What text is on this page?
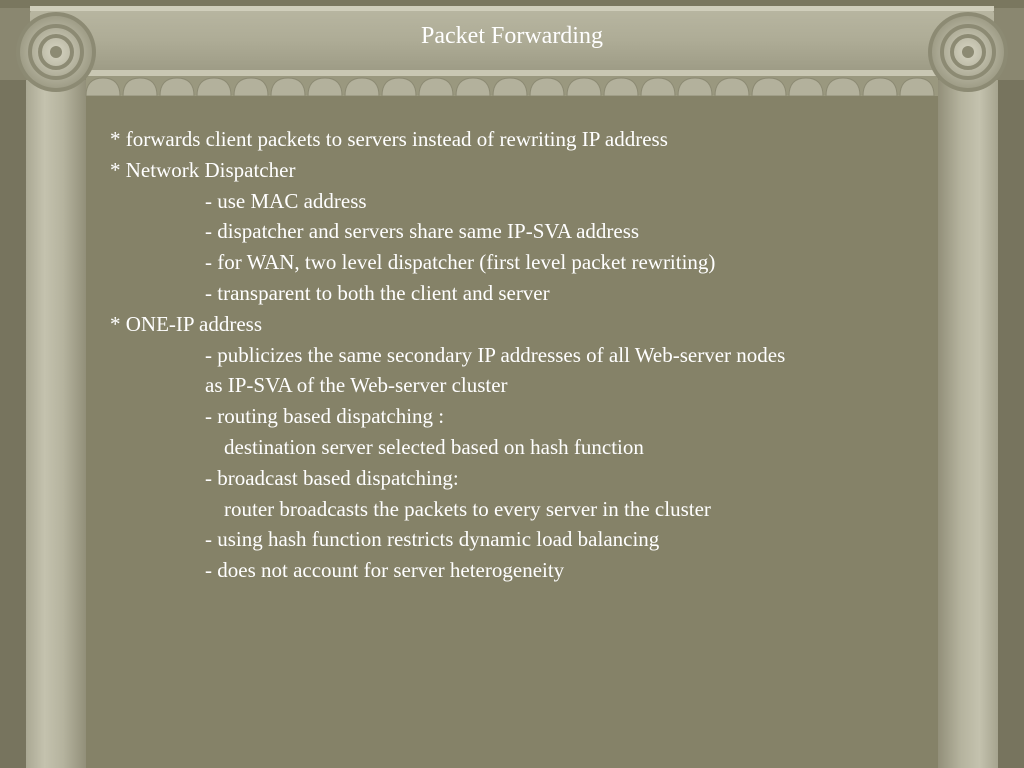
Packet Forwarding
* forwards client packets to servers instead of rewriting IP address
* Network Dispatcher
- use MAC address
- dispatcher and servers share same IP-SVA address
- for WAN, two level dispatcher (first level packet rewriting)
- transparent to both the client and server
* ONE-IP address
- publicizes the same secondary IP addresses of all Web-server nodes
as IP-SVA of the Web-server cluster
- routing based dispatching :
destination server selected based on hash function
- broadcast based dispatching:
router broadcasts the packets to every server in the cluster
- using hash function restricts dynamic load balancing
- does not account for server heterogeneity
